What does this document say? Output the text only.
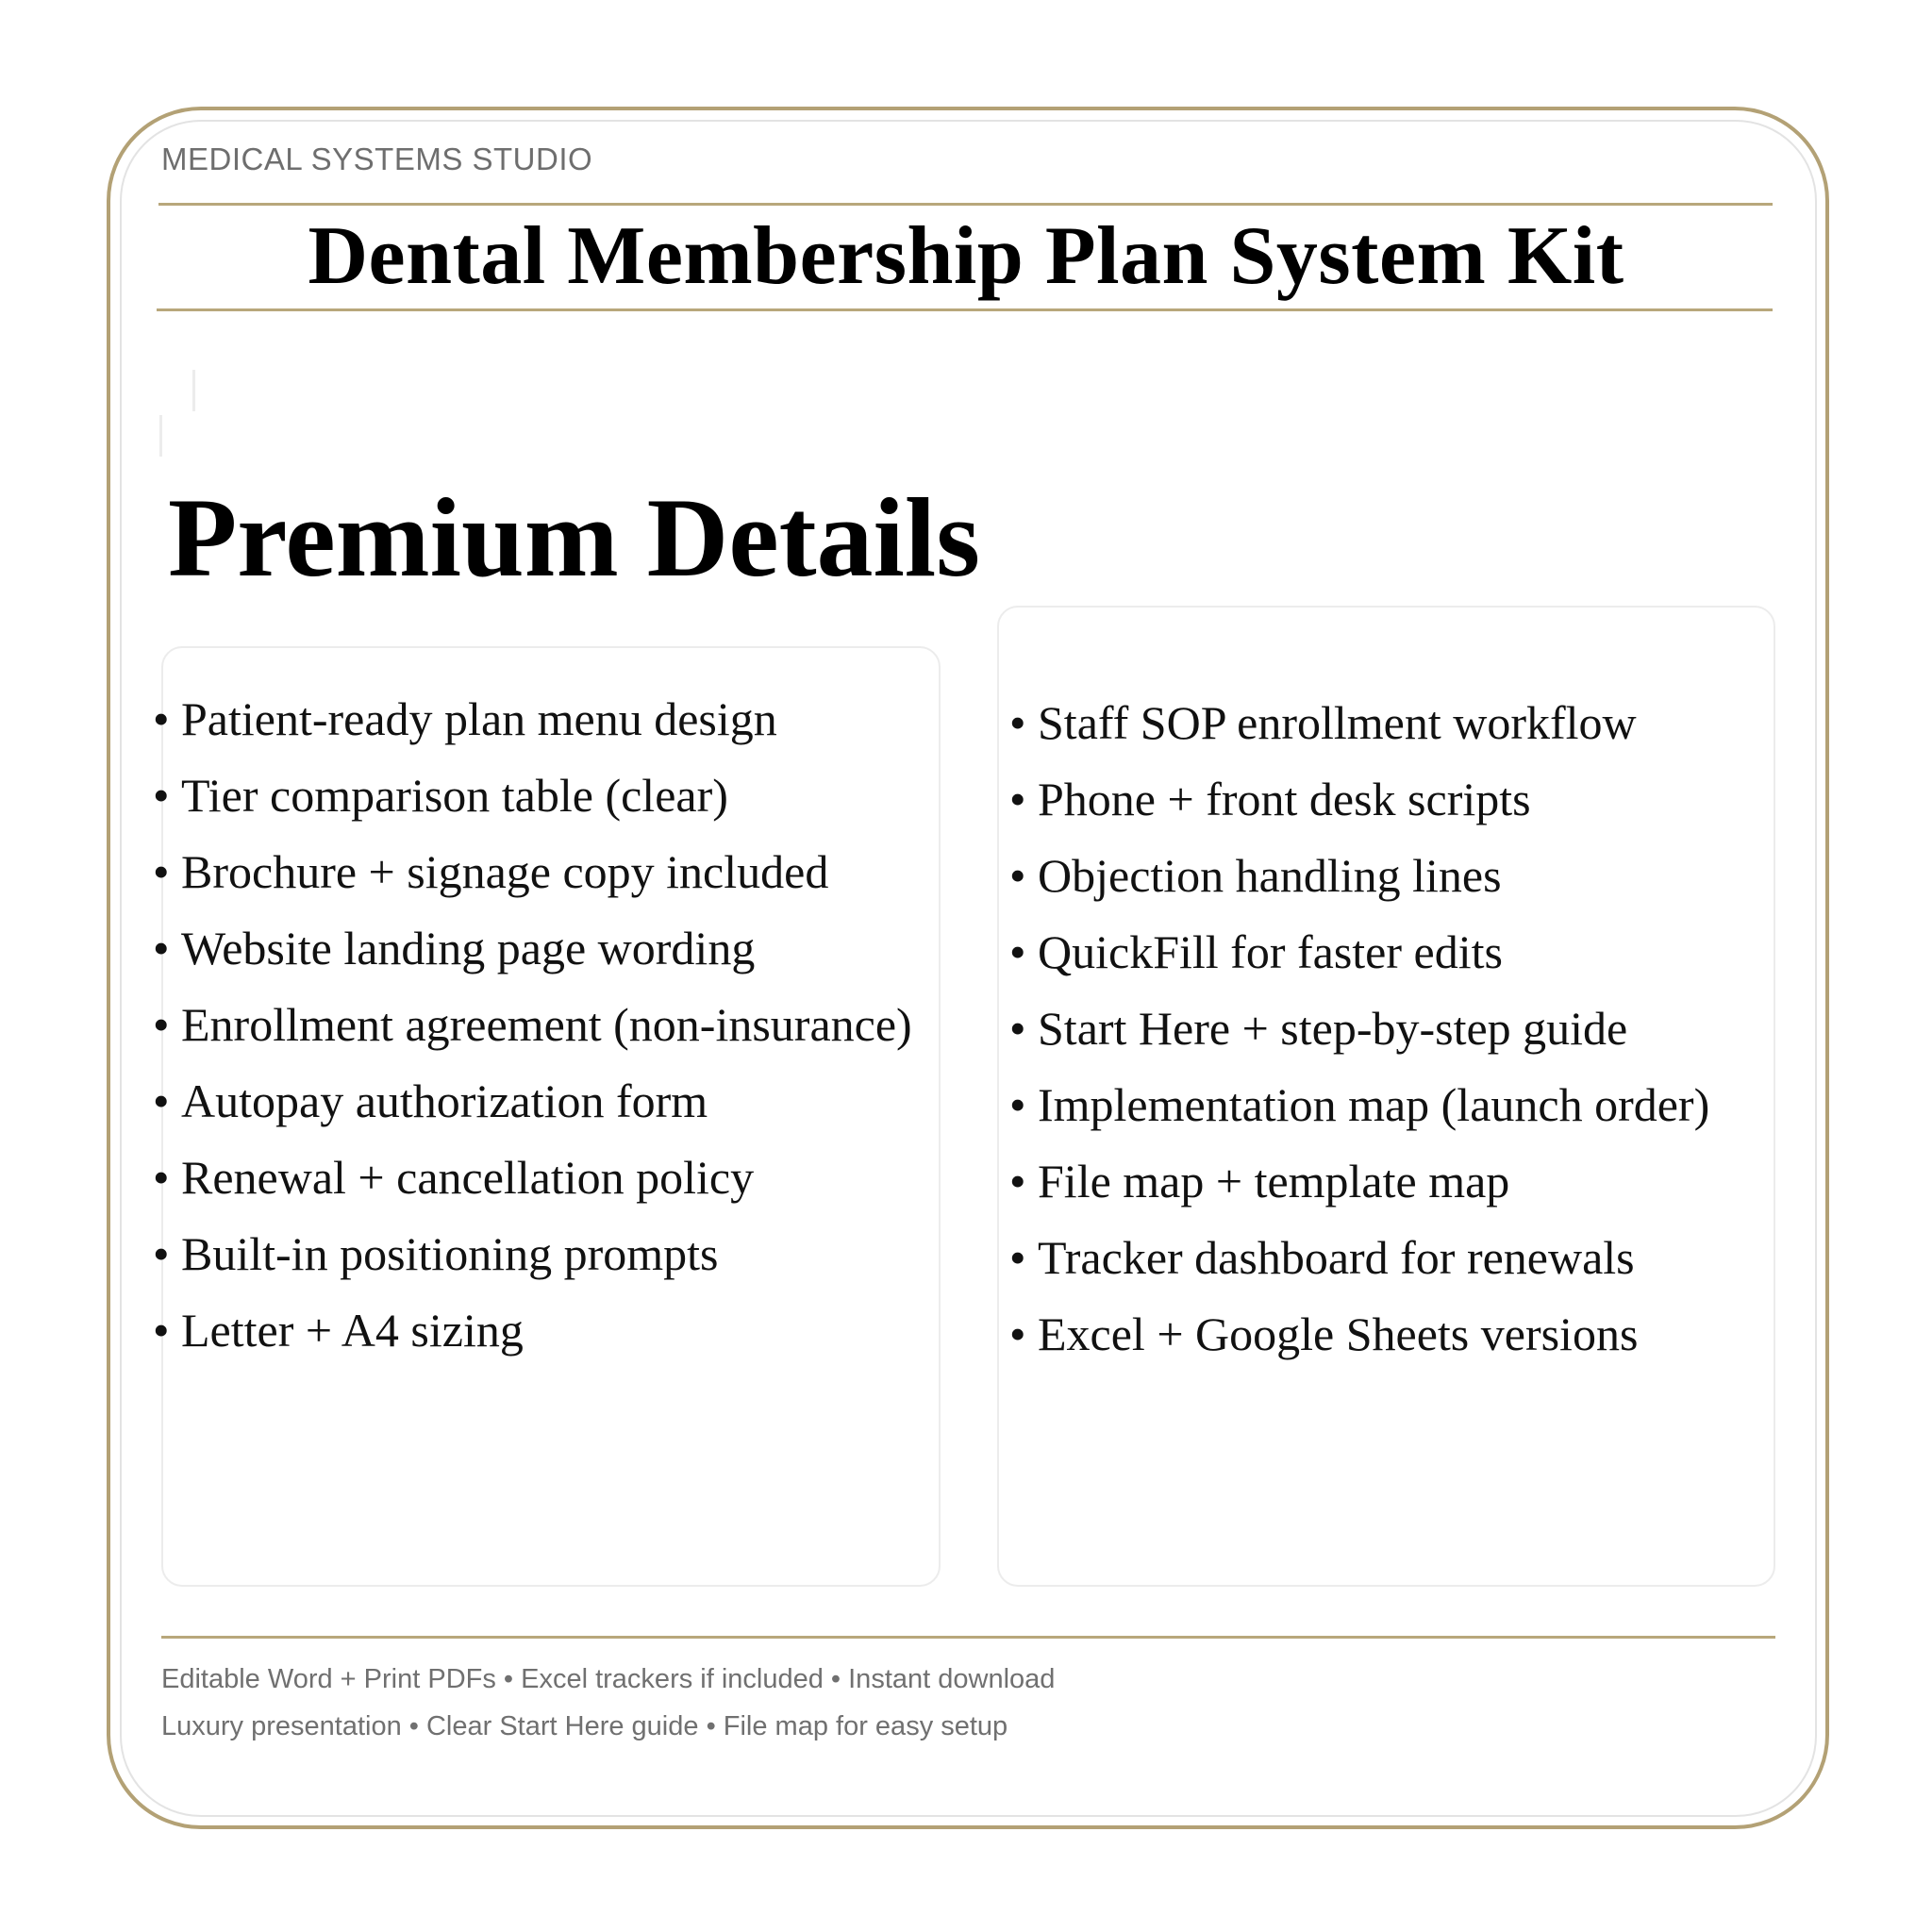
MEDICAL SYSTEMS STUDIO
Dental Membership Plan System Kit
Premium Details
• Patient-ready plan menu design
• Tier comparison table (clear)
• Brochure + signage copy included
• Website landing page wording
• Enrollment agreement (non-insurance)
• Autopay authorization form
• Renewal + cancellation policy
• Built-in positioning prompts
• Letter + A4 sizing
• Staff SOP enrollment workflow
• Phone + front desk scripts
• Objection handling lines
• QuickFill for faster edits
• Start Here + step-by-step guide
• Implementation map (launch order)
• File map + template map
• Tracker dashboard for renewals
• Excel + Google Sheets versions
Editable Word + Print PDFs • Excel trackers if included • Instant download
Luxury presentation • Clear Start Here guide • File map for easy setup
